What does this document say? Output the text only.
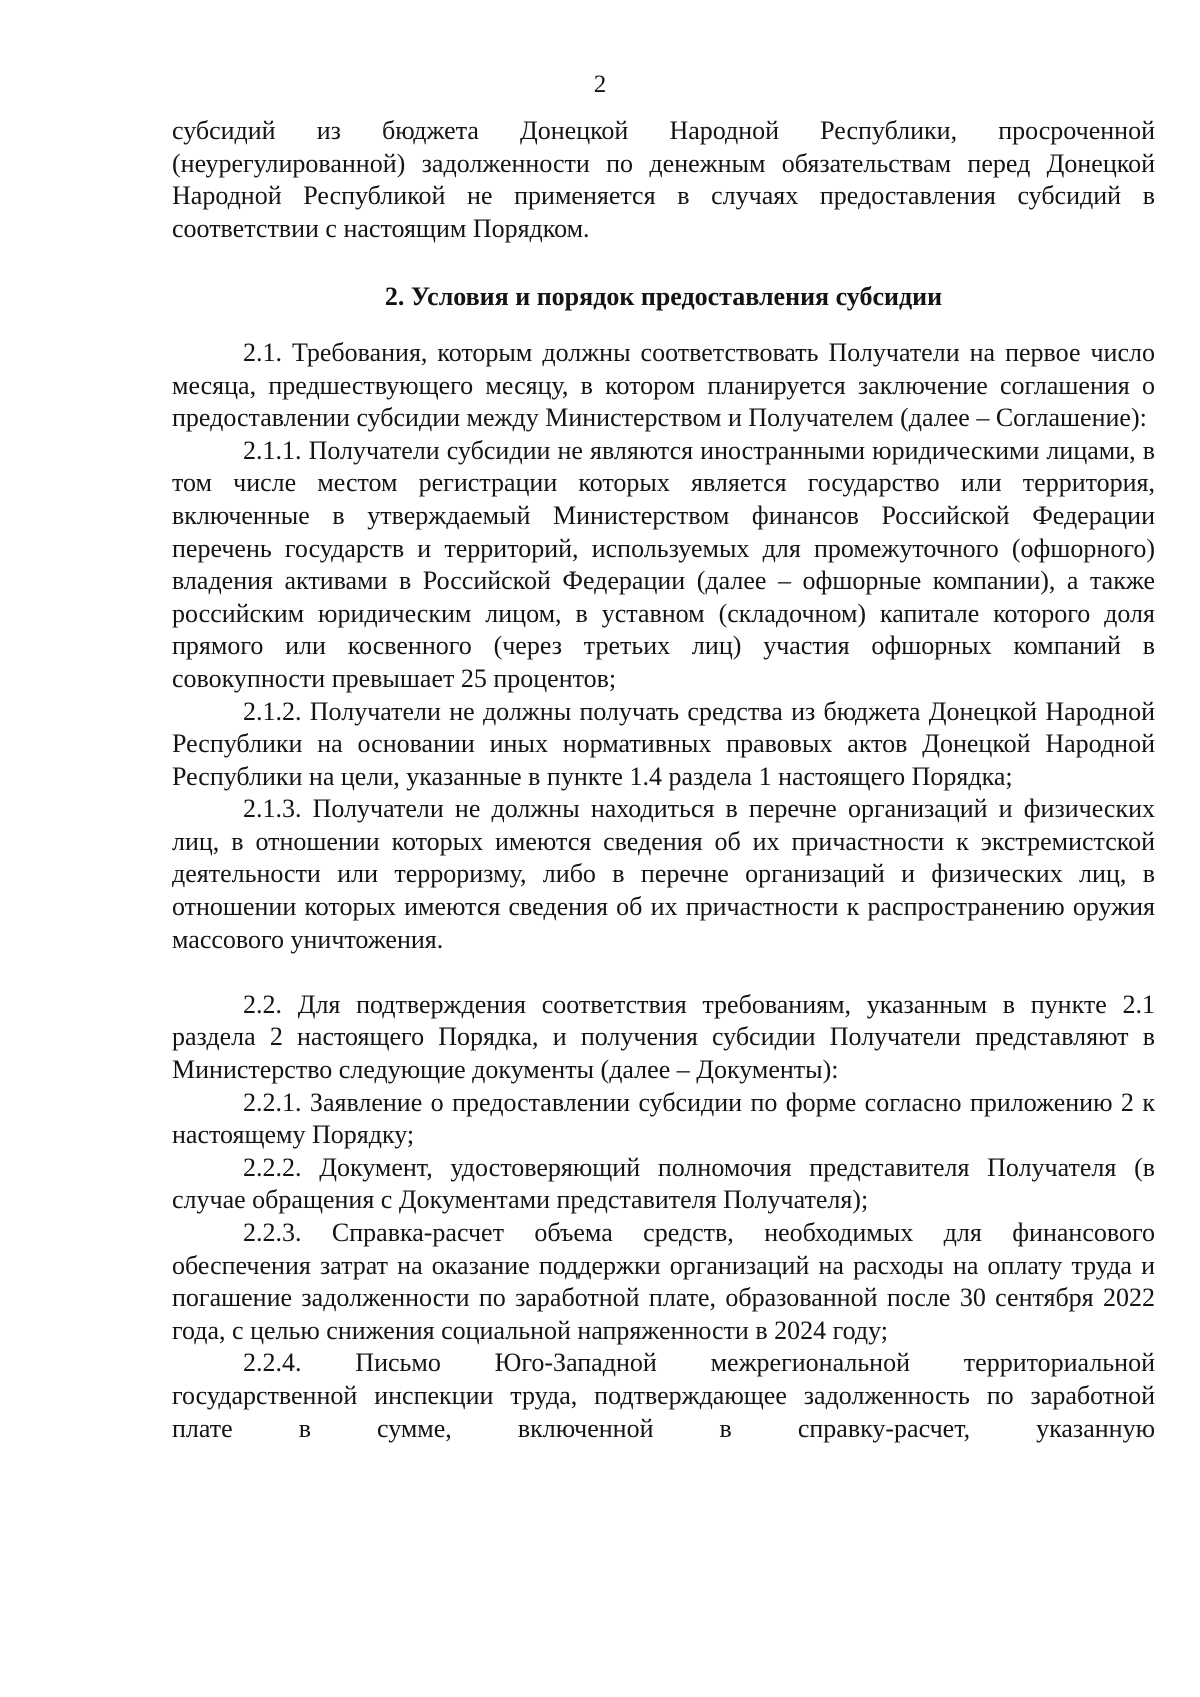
2

субсидий из бюджета Донецкой Народной Республики, просроченной (неурегулированной) задолженности по денежным обязательствам перед Донецкой Народной Республикой не применяется в случаях предоставления субсидий в соответствии с настоящим Порядком.

2. Условия и порядок предоставления субсидии

2.1. Требования, которым должны соответствовать Получатели на первое число месяца, предшествующего месяцу, в котором планируется заключение соглашения о предоставлении субсидии между Министерством и Получателем (далее – Соглашение):

2.1.1. Получатели субсидии не являются иностранными юридическими лицами, в том числе местом регистрации которых является государство или территория, включенные в утверждаемый Министерством финансов Российской Федерации перечень государств и территорий, используемых для промежуточного (офшорного) владения активами в Российской Федерации (далее – офшорные компании), а также российским юридическим лицом, в уставном (складочном) капитале которого доля прямого или косвенного (через третьих лиц) участия офшорных компаний в совокупности превышает 25 процентов;

2.1.2. Получатели не должны получать средства из бюджета Донецкой Народной Республики на основании иных нормативных правовых актов Донецкой Народной Республики на цели, указанные в пункте 1.4 раздела 1 настоящего Порядка;

2.1.3. Получатели не должны находиться в перечне организаций и физических лиц, в отношении которых имеются сведения об их причастности к экстремистской деятельности или терроризму, либо в перечне организаций и физических лиц, в отношении которых имеются сведения об их причастности к распространению оружия массового уничтожения.

2.2. Для подтверждения соответствия требованиям, указанным в пункте 2.1 раздела 2 настоящего Порядка, и получения субсидии Получатели представляют в Министерство следующие документы (далее – Документы):

2.2.1. Заявление о предоставлении субсидии по форме согласно приложению 2 к настоящему Порядку;

2.2.2. Документ, удостоверяющий полномочия представителя Получателя (в случае обращения с Документами представителя Получателя);

2.2.3. Справка-расчет объема средств, необходимых для финансового обеспечения затрат на оказание поддержки организаций на расходы на оплату труда и погашение задолженности по заработной плате, образованной после 30 сентября 2022 года, с целью снижения социальной напряженности в 2024 году;

2.2.4. Письмо Юго-Западной межрегиональной территориальной государственной инспекции труда, подтверждающее задолженность по заработной плате в сумме, включенной в справку-расчет, указанную
